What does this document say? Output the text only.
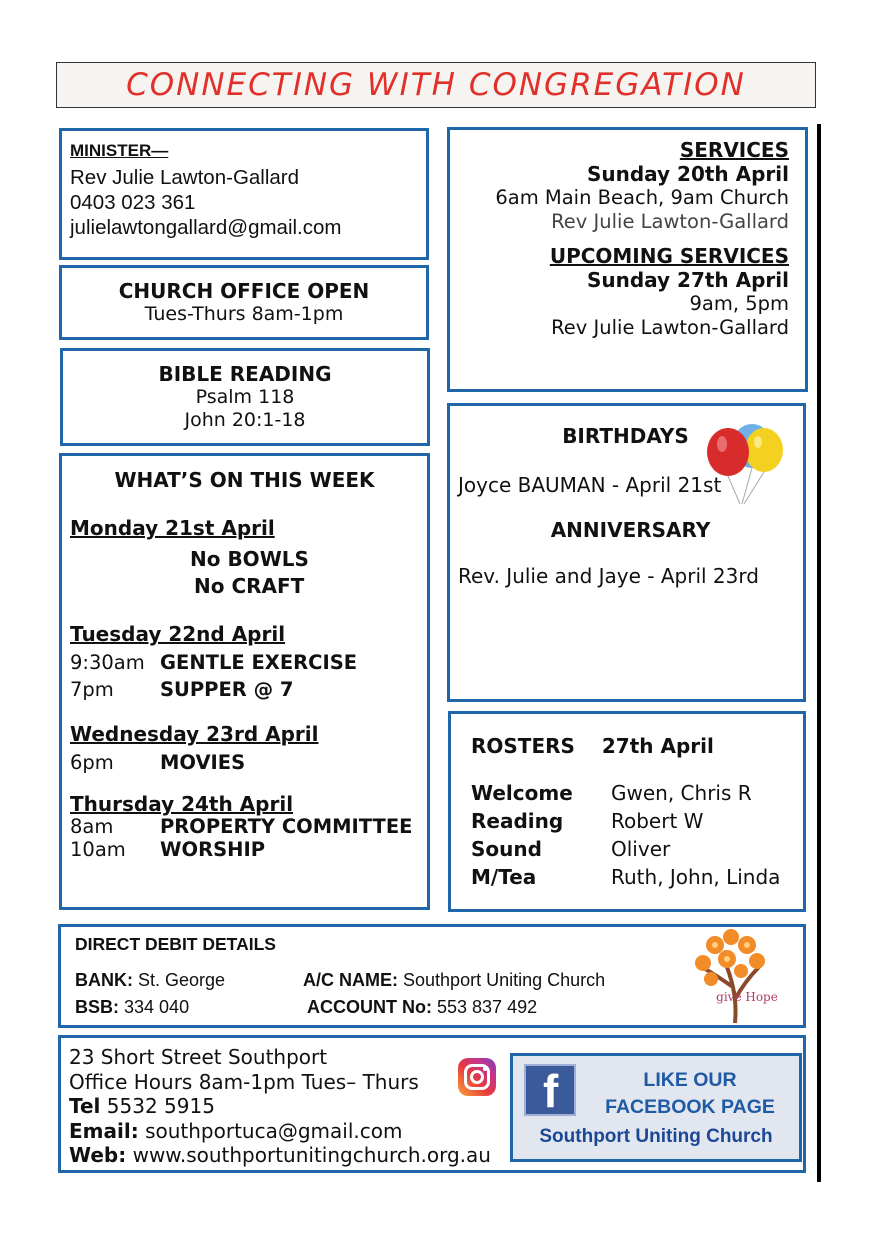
CONNECTING WITH CONGREGATION
MINISTER—
Rev Julie Lawton-Gallard
0403 023 361
julielawtongallard@gmail.com
CHURCH OFFICE OPEN
Tues-Thurs 8am-1pm
BIBLE READING
Psalm 118
John 20:1-18
WHAT’S ON THIS WEEK
Monday 21st April
No BOWLS
No CRAFT
Tuesday 22nd April
9:30am GENTLE EXERCISE
7pm	SUPPER @ 7
Wednesday 23rd April
6pm	MOVIES
Thursday 24th April
8am	PROPERTY COMMITTEE
10am	WORSHIP
SERVICES
Sunday 20th April
6am Main Beach, 9am Church
Rev Julie Lawton-Gallard
UPCOMING SERVICES
Sunday 27th April
9am, 5pm
Rev Julie Lawton-Gallard
BIRTHDAYS
Joyce BAUMAN - April 21st
ANNIVERSARY
Rev. Julie and Jaye - April 23rd
ROSTERS 27th April
Welcome	Gwen, Chris R
Reading	Robert W
Sound	Oliver
M/Tea	Ruth, John, Linda
DIRECT DEBIT DETAILS
BANK: St. George	A/C NAME: Southport Uniting Church
BSB: 334 040	ACCOUNT No: 553 837 492	give Hope
23 Short Street Southport
Office Hours 8am-1pm Tues– Thurs
Tel 5532 5915
Email: southportuca@gmail.com
Web: www.southportunitingchurch.org.au
f	LIKE OUR
FACEBOOK PAGE
Southport Uniting Church
